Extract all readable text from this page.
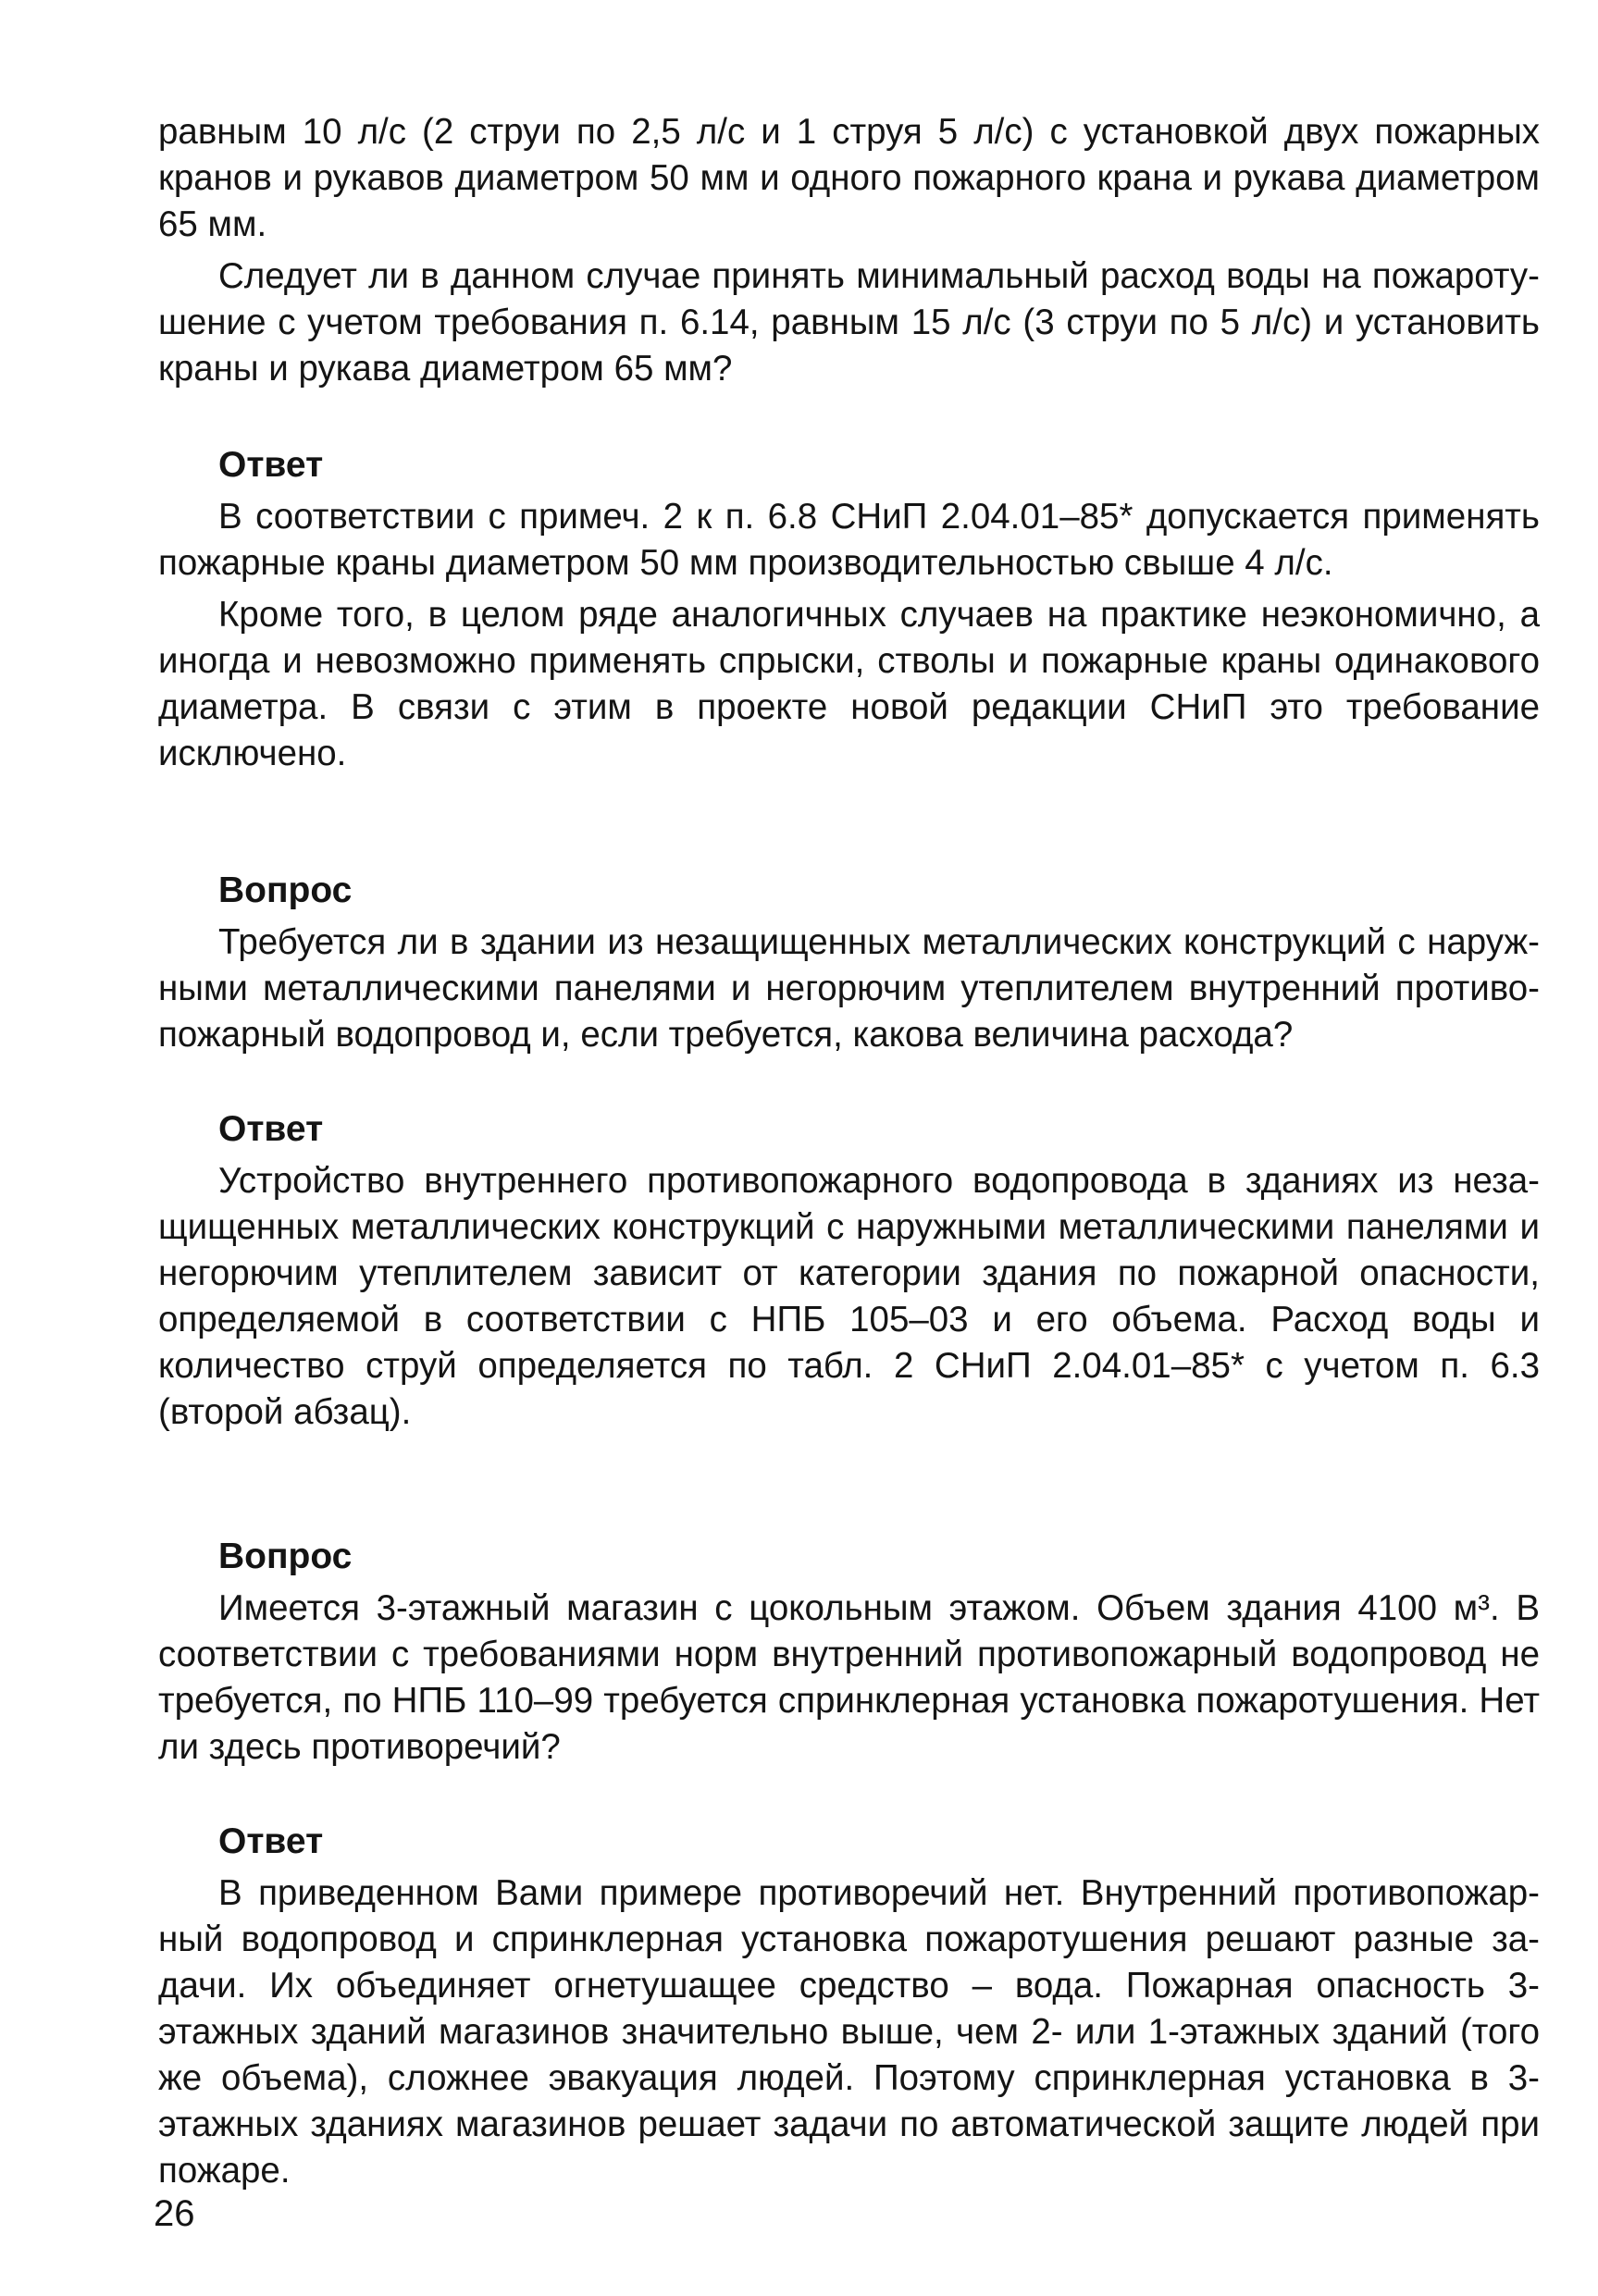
равным 10 л/с (2 струи по 2,5 л/с и 1 струя 5 л/с) с установкой двух пожарных кранов и рукавов диаметром 50 мм и одного пожарного крана и рукава диаметром 65 мм.

Следует ли в данном случае принять минимальный расход воды на пожаротушение с учетом требования п. 6.14, равным 15 л/с (3 струи по 5 л/с) и установить краны и рукава диаметром 65 мм?

Ответ

В соответствии с примеч. 2 к п. 6.8 СНиП 2.04.01–85* допускается применять пожарные краны диаметром 50 мм производительностью свыше 4 л/с.

Кроме того, в целом ряде аналогичных случаев на практике неэкономично, а иногда и невозможно применять спрыски, стволы и пожарные краны одинакового диаметра. В связи с этим в проекте новой редакции СНиП это требование исключено.

Вопрос

Требуется ли в здании из незащищенных металлических конструкций с наружными металлическими панелями и негорючим утеплителем внутренний противопожарный водопровод и, если требуется, какова величина расхода?

Ответ

Устройство внутреннего противопожарного водопровода в зданиях из незащищенных металлических конструкций с наружными металлическими панелями и негорючим утеплителем зависит от категории здания по пожарной опасности, определяемой в соответствии с НПБ 105–03 и его объема. Расход воды и количество струй определяется по табл. 2 СНиП 2.04.01–85* с учетом п. 6.3 (второй абзац).

Вопрос

Имеется 3-этажный магазин с цокольным этажом. Объем здания 4100 м³. В соответствии с требованиями норм внутренний противопожарный водопровод не требуется, по НПБ 110–99 требуется спринклерная установка пожаротушения. Нет ли здесь противоречий?

Ответ

В приведенном Вами примере противоречий нет. Внутренний противопожарный водопровод и спринклерная установка пожаротушения решают разные задачи. Их объединяет огнетушащее средство – вода. Пожарная опасность 3-этажных зданий магазинов значительно выше, чем 2- или 1-этажных зданий (того же объема), сложнее эвакуация людей. Поэтому спринклерная установка в 3-этажных зданиях магазинов решает задачи по автоматической защите людей при пожаре.

26
